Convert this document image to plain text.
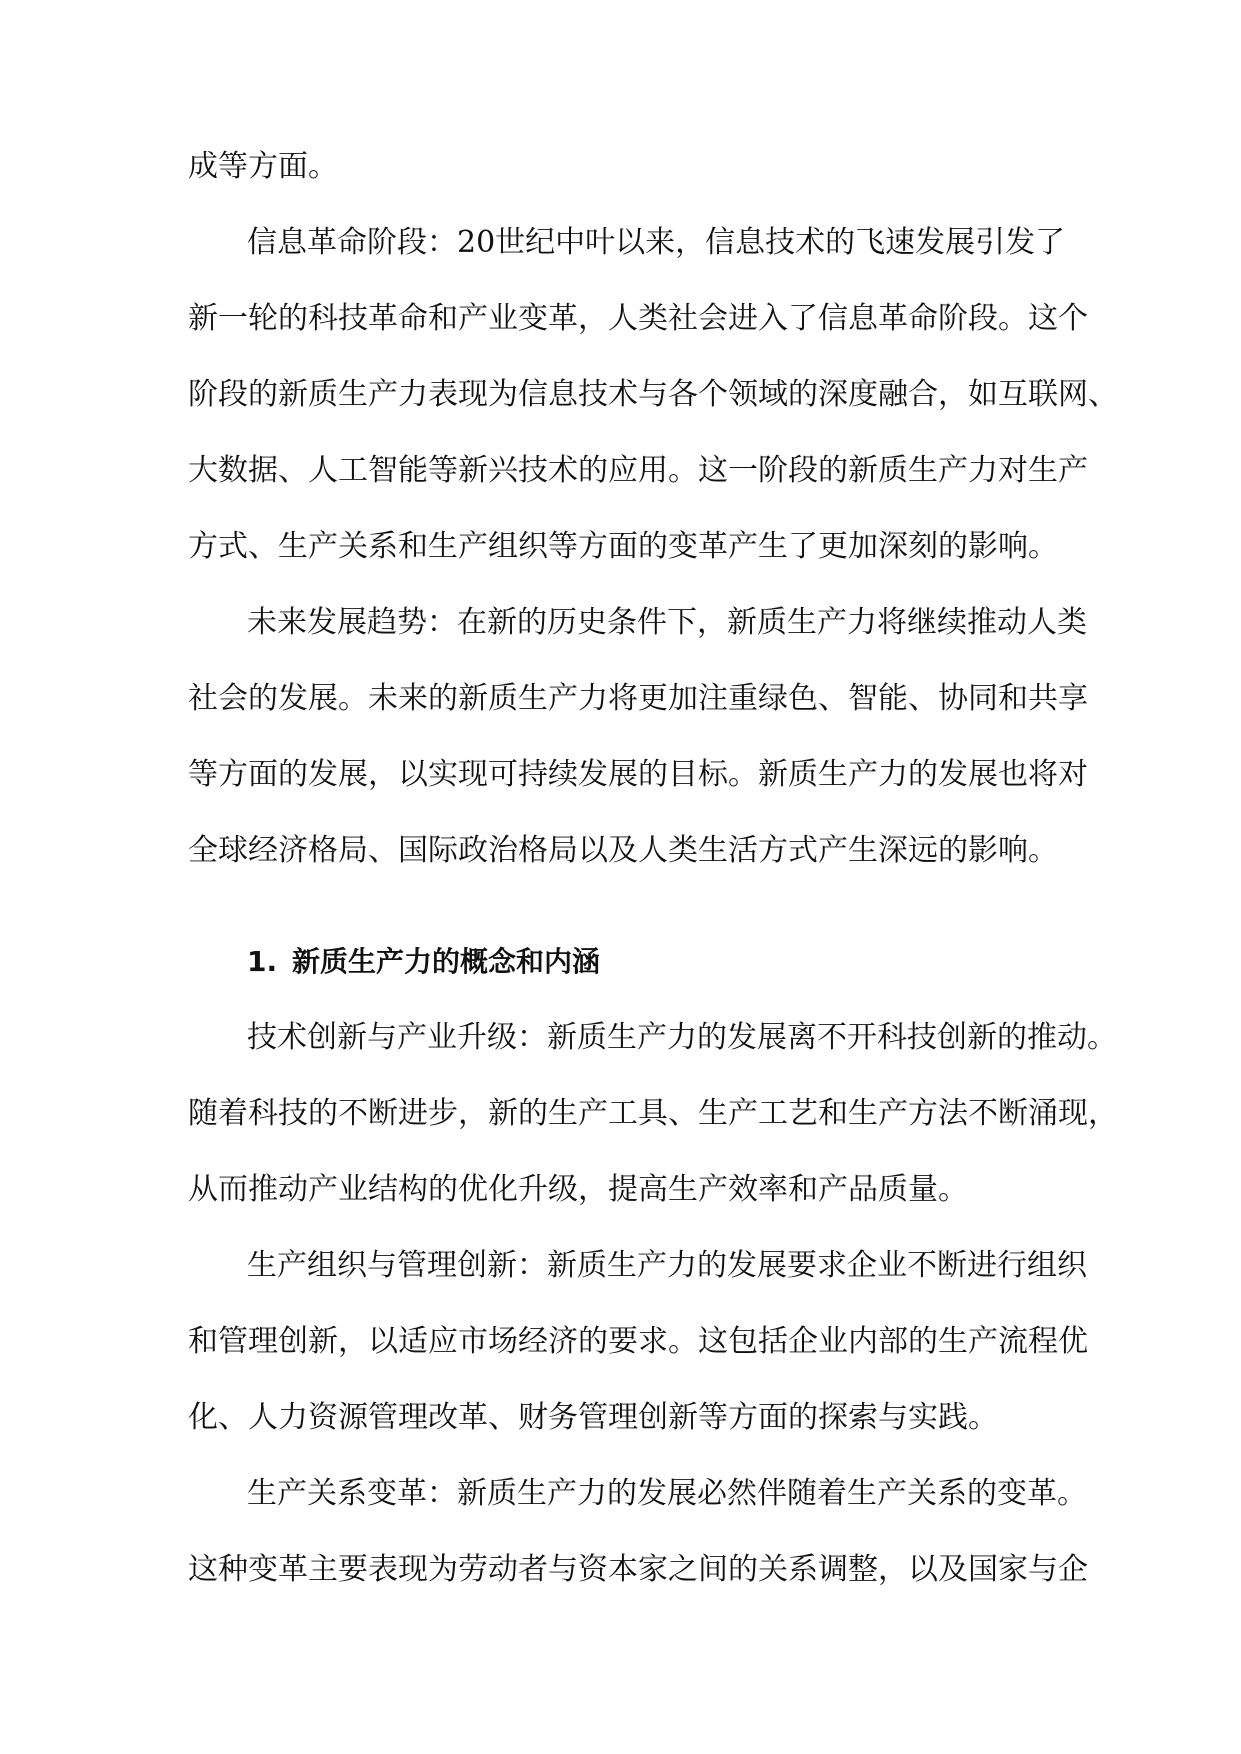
成等方面。
信息革命阶段：20世纪中叶以来，信息技术的飞速发展引发了
新一轮的科技革命和产业变革，人类社会进入了信息革命阶段。这个
阶段的新质生产力表现为信息技术与各个领域的深度融合，如互联网、
大数据、人工智能等新兴技术的应用。这一阶段的新质生产力对生产
方式、生产关系和生产组织等方面的变革产生了更加深刻的影响。
未来发展趋势：在新的历史条件下，新质生产力将继续推动人类
社会的发展。未来的新质生产力将更加注重绿色、智能、协同和共享
等方面的发展，以实现可持续发展的目标。新质生产力的发展也将对
全球经济格局、国际政治格局以及人类生活方式产生深远的影响。
1. 新质生产力的概念和内涵
技术创新与产业升级：新质生产力的发展离不开科技创新的推动。
随着科技的不断进步，新的生产工具、生产工艺和生产方法不断涌现，
从而推动产业结构的优化升级，提高生产效率和产品质量。
生产组织与管理创新：新质生产力的发展要求企业不断进行组织
和管理创新，以适应市场经济的要求。这包括企业内部的生产流程优
化、人力资源管理改革、财务管理创新等方面的探索与实践。
生产关系变革：新质生产力的发展必然伴随着生产关系的变革。
这种变革主要表现为劳动者与资本家之间的关系调整，以及国家与企
